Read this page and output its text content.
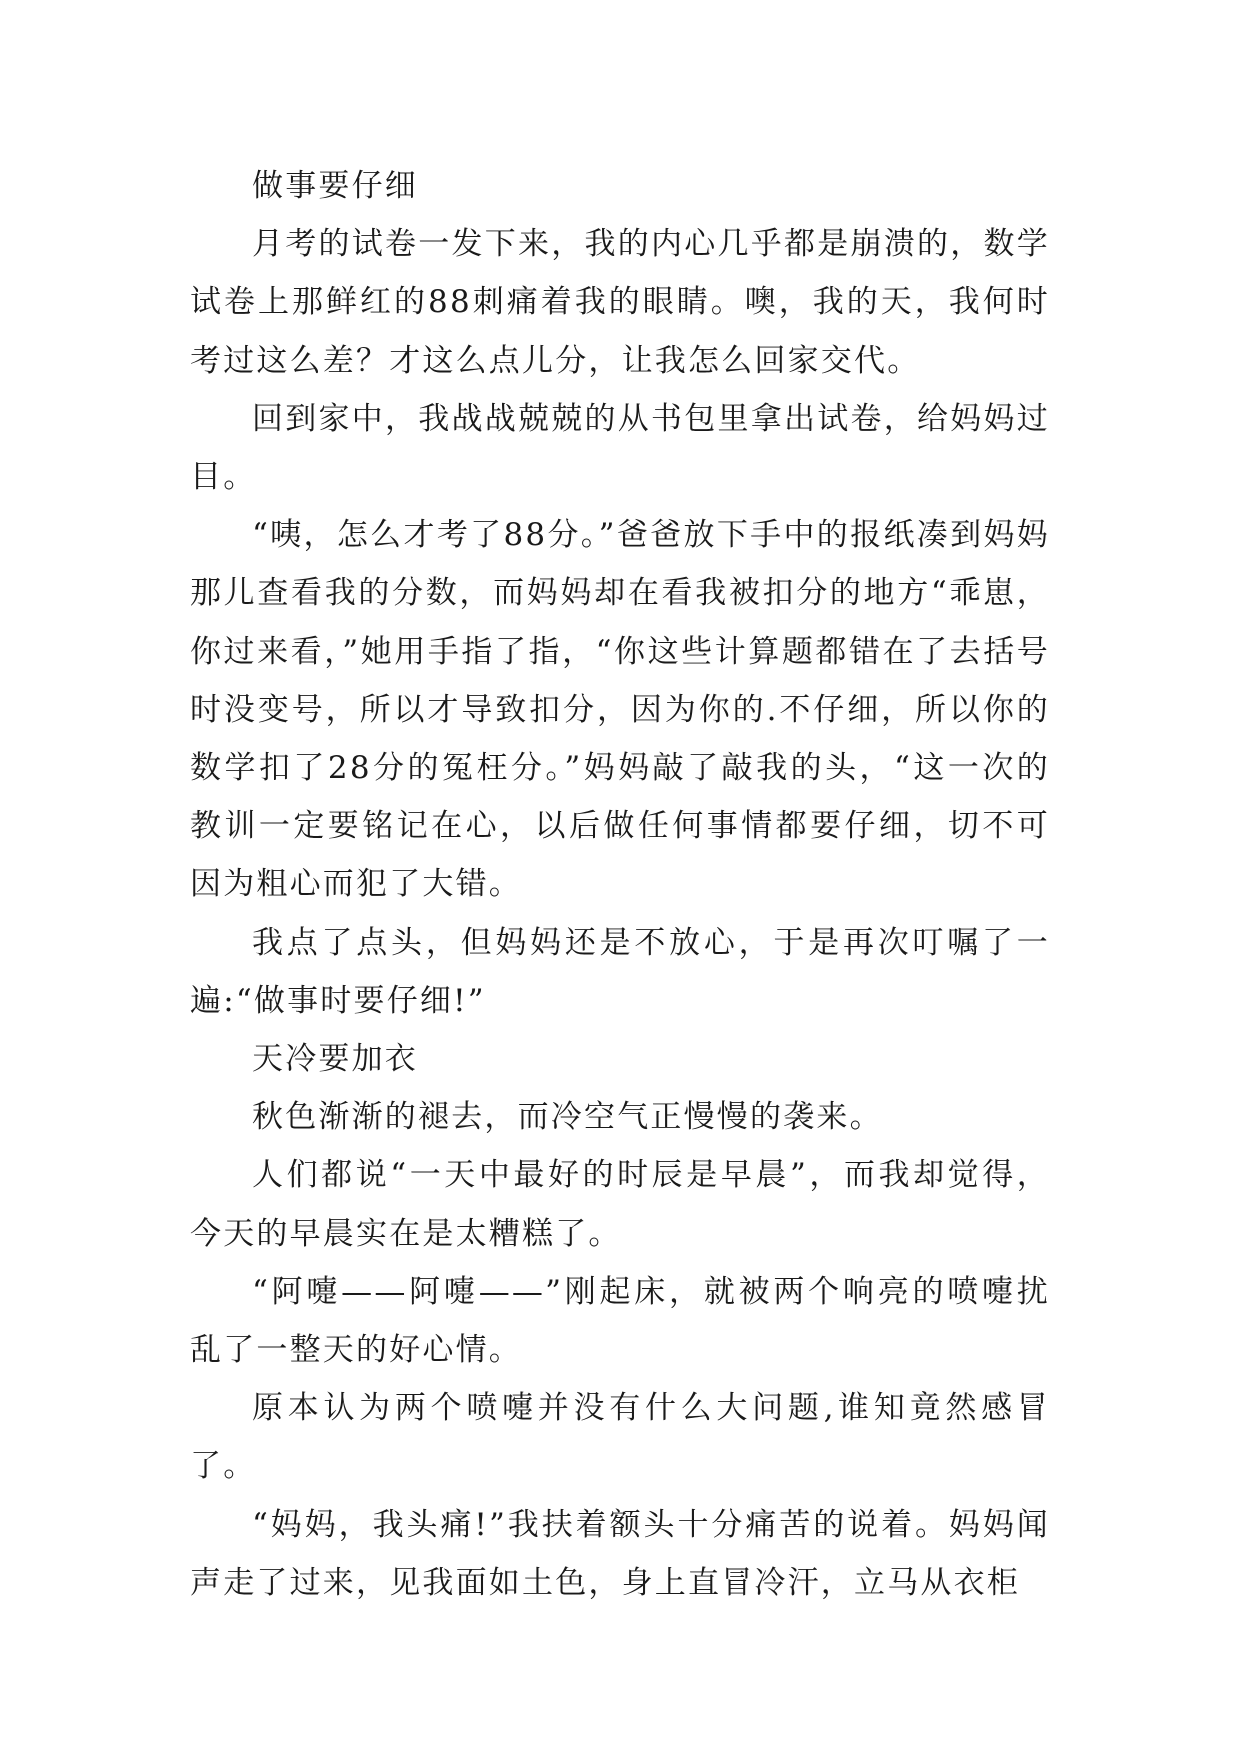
做事要仔细

月考的试卷一发下来，我的内心几乎都是崩溃的，数学试卷上那鲜红的88刺痛着我的眼睛。噢，我的天，我何时考过这么差？才这么点儿分，让我怎么回家交代。

回到家中，我战战兢兢的从书包里拿出试卷，给妈妈过目。

“咦，怎么才考了88分。”爸爸放下手中的报纸凑到妈妈那儿查看我的分数，而妈妈却在看我被扣分的地方“乖崽，你过来看，”她用手指了指，“你这些计算题都错在了去括号时没变号，所以才导致扣分，因为你的.不仔细，所以你的数学扣了28分的冤枉分。”妈妈敲了敲我的头，“这一次的教训一定要铭记在心，以后做任何事情都要仔细，切不可因为粗心而犯了大错。

我点了点头，但妈妈还是不放心，于是再次叮嘱了一遍:“做事时要仔细!”

天冷要加衣

秋色渐渐的褪去，而冷空气正慢慢的袭来。

人们都说“一天中最好的时辰是早晨”，而我却觉得，今天的早晨实在是太糟糕了。

“阿嚏——阿嚏——”刚起床，就被两个响亮的喷嚏扰乱了一整天的好心情。

原本认为两个喷嚏并没有什么大问题,谁知竟然感冒了。

“妈妈，我头痛!”我扶着额头十分痛苦的说着。妈妈闻声走了过来，见我面如土色，身上直冒冷汗，立马从衣柜
